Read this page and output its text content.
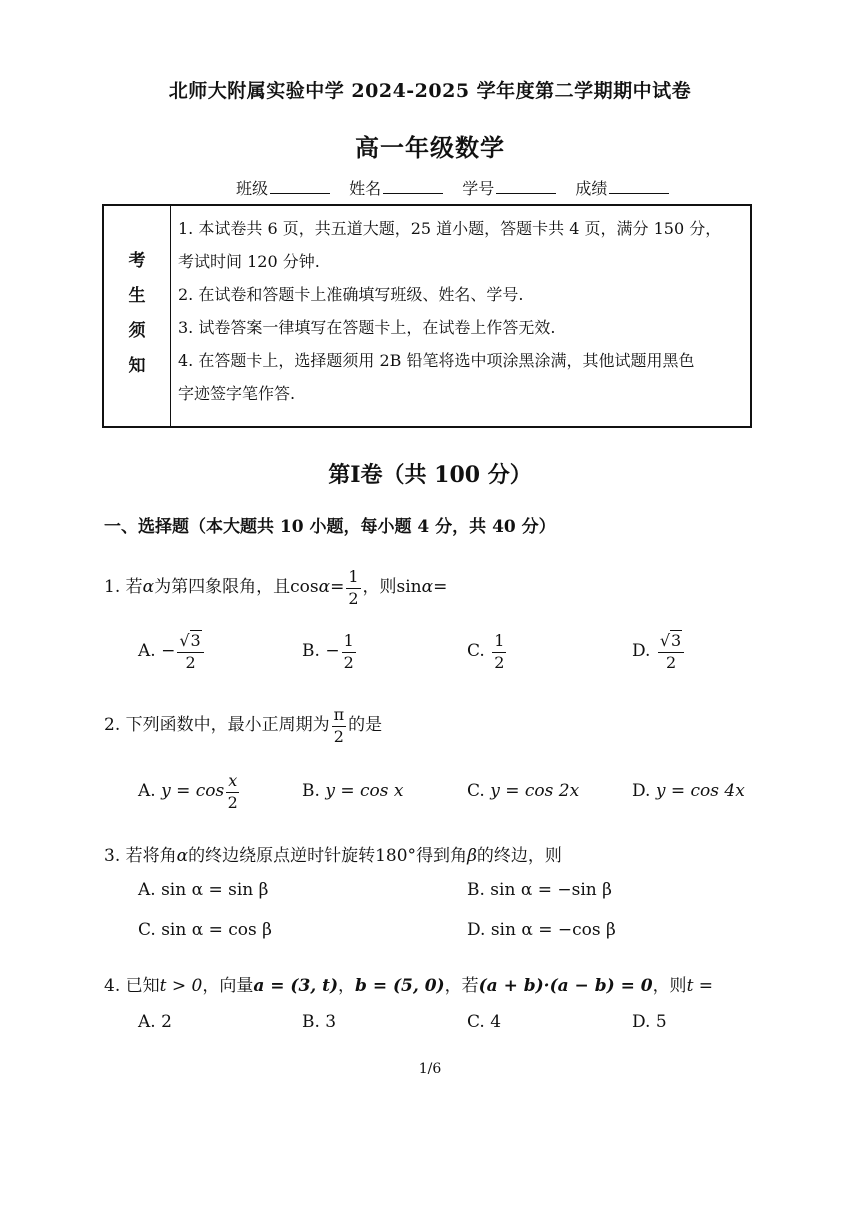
北师大附属实验中学 2024-2025 学年度第二学期期中试卷
高一年级数学
班级	姓名	学号	成绩
考
生
须
知
1. 本试卷共 6 页，共五道大题，25 道小题，答题卡共 4 页，满分 150 分，
考试时间 120 分钟.
2. 在试卷和答题卡上准确填写班级、姓名、学号.
3. 试卷答案一律填写在答题卡上，在试卷上作答无效.
4. 在答题卡上，选择题须用 2B 铅笔将选中项涂黑涂满，其他试题用黑色
字迹签字笔作答.
第Ⅰ卷（共 100 分）
一、选择题（本大题共 10 小题，每小题 4 分，共 40 分）
1. 若α为第四象限角，且$\cos\alpha= \frac{1}{2}$ ，则sinα=
A. − $\frac{√3}{2}$	B. − $\frac{1}{2}$	C. $\frac{1}{2}$	D. $\frac{√3}{2}$
2. 下列函数中，最小正周期为 $\frac{\pi}{2}$ 的是
A. $y = \cos \frac{x}{2}$	B. y = cos x	C. y = cos 2x	D. y = cos 4x
3. 若将角α的终边绕原点逆时针旋转180°得到角β的终边，则
A. sin α = sin β	B. sin α = −sin β
C. sin α = cos β	D. sin α = −cos β
4. 已知t > 0，向量a = (3, t)，b = (5, 0)，若(a + b)·(a − b) = 0，则t =
A. 2	B. 3	C. 4	D. 5
1/6
